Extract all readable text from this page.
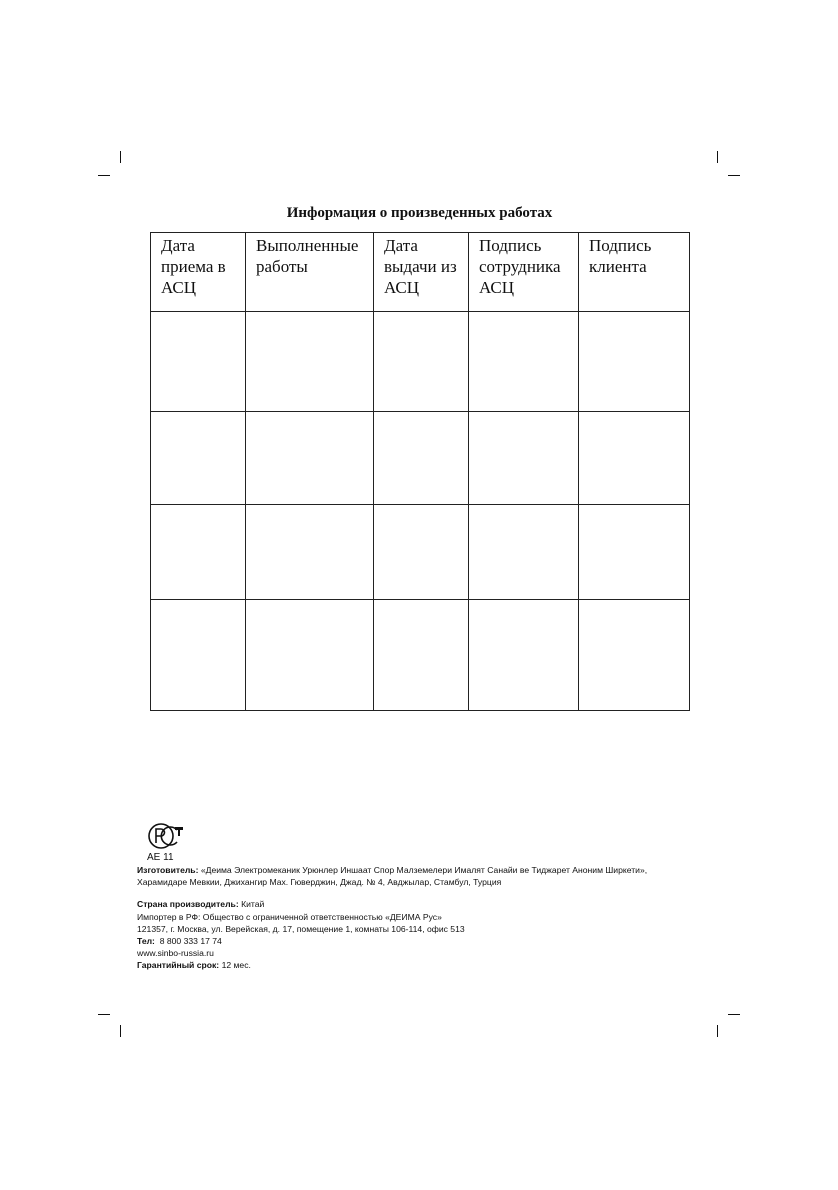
Информация о произведенных работах
Дата
приема в
АСЦ	Выполненные
работы	Дата
выдачи из
АСЦ	Подпись
сотрудника
АСЦ	Подпись
клиента

АЕ 11

Изготовитель: «Деима Электромеканик Урюнлер Иншаат Спор Малземелери Ималят Санайи ве Тиджарет Аноним Ширкети», Харамидаре Мевкии, Джихангир Мах. Гюверджин, Джад. № 4, Авджылар, Стамбул, Турция

Страна производитель: Китай

Импортер в РФ: Общество с ограниченной ответственностью «ДЕИМА Рус»

121357, г. Москва, ул. Верейская, д. 17, помещение 1, комнаты 106-114, офис 513

Тел:  8 800 333 17 74

www.sinbo-russia.ru

Гарантийный срок: 12 мес.
